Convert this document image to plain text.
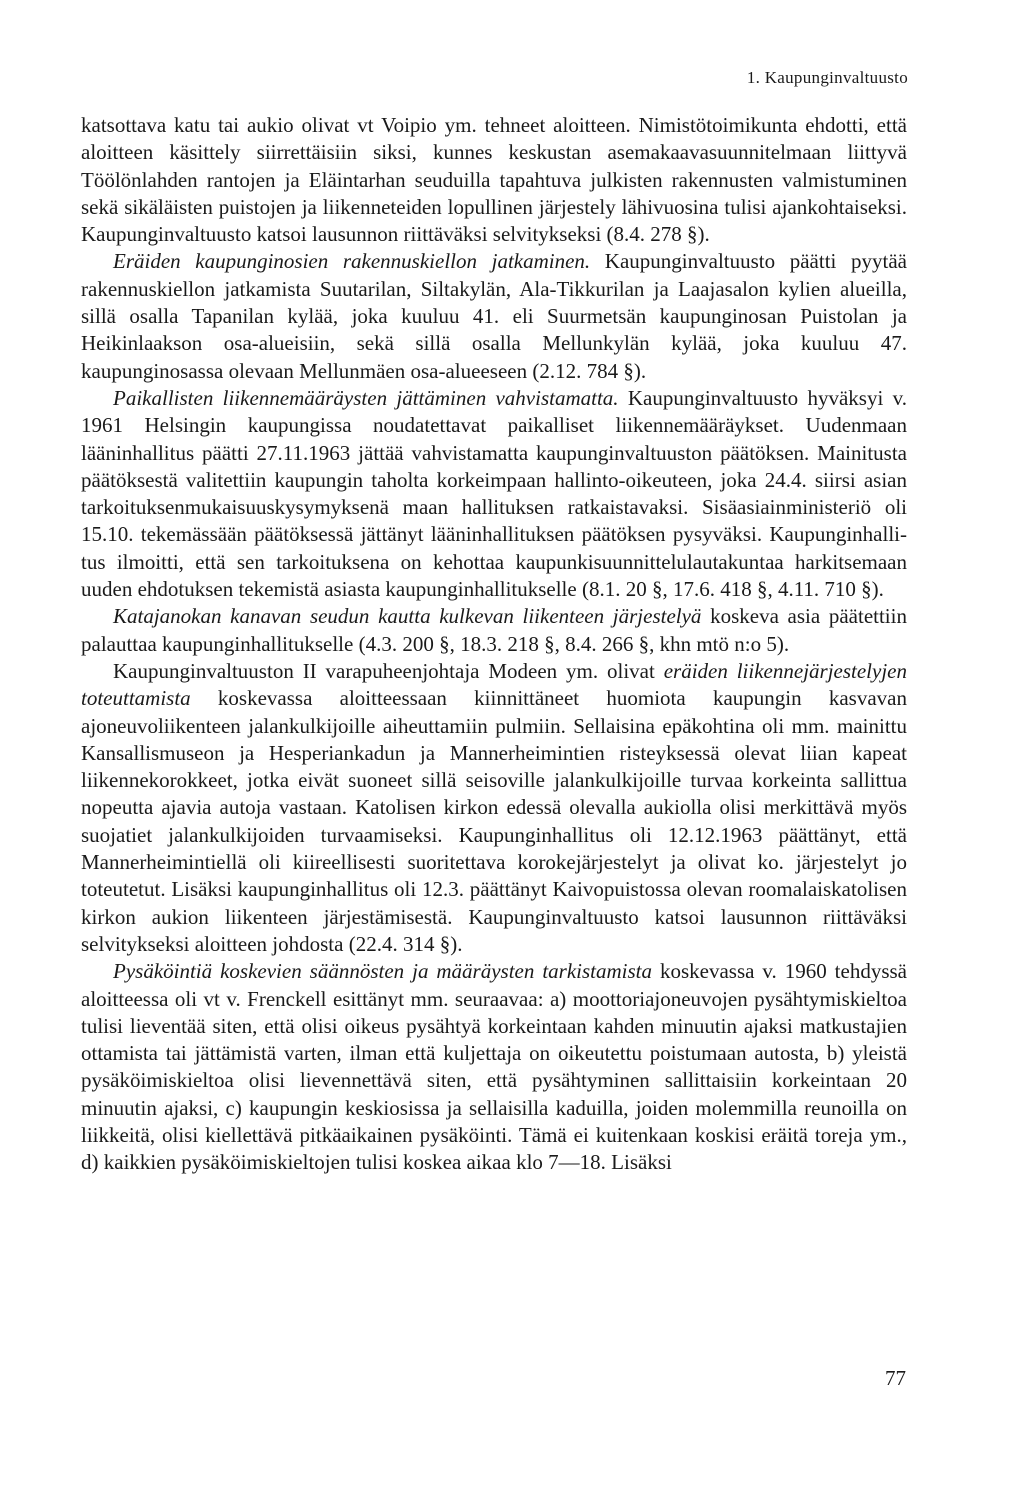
1. Kaupunginvaltuusto

katsottava katu tai aukio olivat vt Voipio ym. tehneet aloitteen. Nimistötoimikunta ehdotti, että aloitteen käsittely siirrettäisiin siksi, kunnes keskustan asemakaavasuunnitelmaan liittyvä Töölönlahden rantojen ja Eläintarhan seuduilla tapahtuva julkisten rakennusten valmistuminen sekä sikäläisten puistojen ja liikenneteiden lopullinen järjestely lähivuosina tulisi ajankohtaiseksi. Kaupunginvaltuusto katsoi lausunnon riittäväksi selvitykseksi (8.4. 278 §).

Eräiden kaupunginosien rakennuskiellon jatkaminen. Kaupunginvaltuusto päätti pyytää rakennuskiellon jatkamista Suutarilan, Siltakylän, Ala-Tikkurilan ja Laajasalon kylien alueilla, sillä osalla Tapanilan kylää, joka kuuluu 41. eli Suurmetsän kaupunginosan Puistolan ja Heikinlaakson osa-alueisiin, sekä sillä osalla Mellunkylän kylää, joka kuuluu 47. kaupunginosassa olevaan Mellunmäen osa-alueeseen (2.12. 784 §).

Paikallisten liikennemääräysten jättäminen vahvistamatta. Kaupunginvaltuusto hyväksyi v. 1961 Helsingin kaupungissa noudatettavat paikalliset liikennemääräykset. Uudenmaan lääninhallitus päätti 27.11.1963 jättää vahvistamatta kaupunginvaltuuston päätöksen. Mainitusta päätöksestä valitettiin kaupungin taholta korkeimpaan hallinto-oikeuteen, joka 24.4. siirsi asian tarkoituksenmukaisuuskysymyksenä maan hallituksen ratkaistavaksi. Sisäasiainministeriö oli 15.10. tekemässään päätöksessä jättänyt lääninhallituksen päätöksen pysyväksi. Kaupunginhallitus ilmoitti, että sen tarkoituksena on kehottaa kaupunkisuunnittelulautakuntaa harkitsemaan uuden ehdotuksen tekemistä asiasta kaupunginhallitukselle (8.1. 20 §, 17.6. 418 §, 4.11. 710 §).

Katajanokan kanavan seudun kautta kulkevan liikenteen järjestelyä koskeva asia päätettiin palauttaa kaupunginhallitukselle (4.3. 200 §, 18.3. 218 §, 8.4. 266 §, khn mtö n:o 5).

Kaupunginvaltuuston II varapuheenjohtaja Modeen ym. olivat eräiden liikennejärjestelyjen toteuttamista koskevassa aloitteessaan kiinnittäneet huomiota kaupungin kasvavan ajoneuvoliikenteen jalankulkijoille aiheuttamiin pulmiin. Sellaisina epäkohtina oli mm. mainittu Kansallismuseon ja Hesperiankadun ja Mannerheimintien risteyksessä olevat liian kapeat liikennekorokkeet, jotka eivät suoneet sillä seisoville jalankulkijoille turvaa korkeinta sallittua nopeutta ajavia autoja vastaan. Katolisen kirkon edessä olevalla aukiolla olisi merkittävä myös suojatiet jalankulkijoiden turvaamiseksi. Kaupunginhallitus oli 12.12.1963 päättänyt, että Mannerheimintiellä oli kiireellisesti suoritettava korokejärjestelyt ja olivat ko. järjestelyt jo toteutetut. Lisäksi kaupunginhallitus oli 12.3. päättänyt Kaivopuistossa olevan roomalaiskatolisen kirkon aukion liikenteen järjestämisestä. Kaupunginvaltuusto katsoi lausunnon riittäväksi selvitykseksi aloitteen johdosta (22.4. 314 §).

Pysäköintiä koskevien säännösten ja määräysten tarkistamista koskevassa v. 1960 tehdyssä aloitteessa oli vt v. Frenckell esittänyt mm. seuraavaa: a) moottoriajoneuvojen pysähtymiskieltoa tulisi lieventää siten, että olisi oikeus pysähtyä korkeintaan kahden minuutin ajaksi matkustajien ottamista tai jättämistä varten, ilman että kuljettaja on oikeutettu poistumaan autosta, b) yleistä pysäköimiskieltoa olisi lievennettävä siten, että pysähtyminen sallittaisiin korkeintaan 20 minuutin ajaksi, c) kaupungin keskiosissa ja sellaisilla kaduilla, joiden molemmilla reunoilla on liikkeitä, olisi kiellettävä pitkäaikainen pysäköinti. Tämä ei kuitenkaan koskisi eräitä toreja ym., d) kaikkien pysäköimiskieltojen tulisi koskea aikaa klo 7—18. Lisäksi

77
